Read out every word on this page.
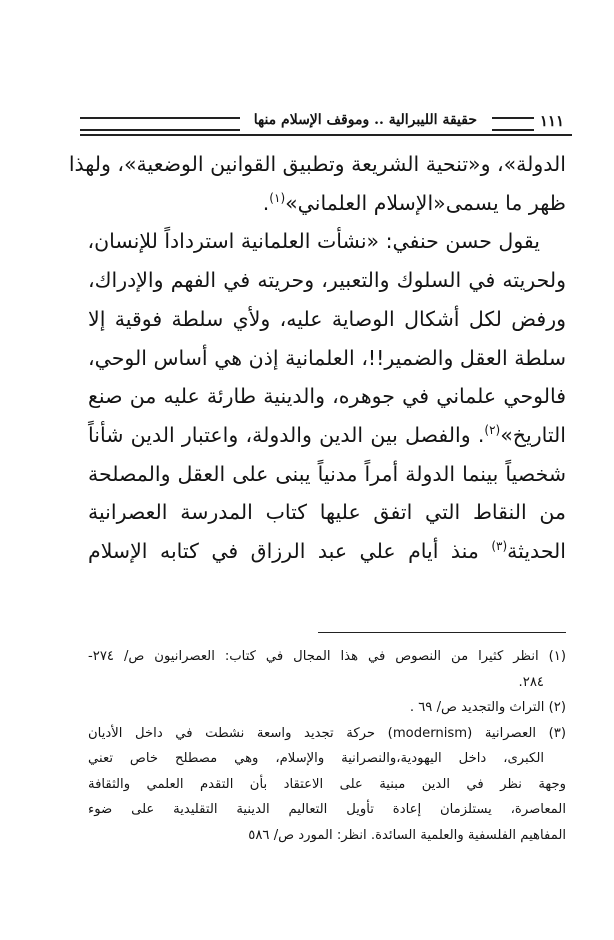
١١١
حقيقة الليبرالية .. وموقف الإسلام منها
الدولة»، و«تنحية الشريعة وتطبيق القوانين الوضعية»، ولهذا
ظهر ما يسمى«الإسلام العلماني»$^{(١)}$.
يقول حسن حنفي: «نشأت العلمانية استرداداً للإنسان،
ولحريته في السلوك والتعبير، وحريته في الفهم والإدراك،
ورفض لكل أشكال الوصاية عليه، ولأي سلطة فوقية إلا
سلطة العقل والضمير!!، العلمانية إذن هي أساس الوحي،
فالوحي علماني في جوهره، والدينية طارئة عليه من صنع
التاريخ»$^{(٢)}$. والفصل بين الدين والدولة، واعتبار الدين شأناً
شخصياً بينما الدولة أمراً مدنياً يبنى على العقل والمصلحة
من النقاط التي اتفق عليها كتاب المدرسة العصرانية
الحديثة$^{(٣)}$ منذ أيام علي عبد الرزاق في كتابه الإسلام
(١) انظر كثيرا من النصوص في هذا المجال في كتاب: العصرانيون ص/ ٢٧٤-
٢٨٤.
(٢) التراث والتجديد ص/ ٦٩ .
(٣) العصرانية (modernism) حركة تجديد واسعة نشطت في داخل الأديان
الكبرى، داخل اليهودية،والنصرانية والإسلام، وهي مصطلح خاص تعني
وجهة نظر في الدين مبنية على الاعتقاد بأن التقدم العلمي والثقافة
المعاصرة، يستلزمان إعادة تأويل التعاليم الدينية التقليدية على ضوء
المفاهيم الفلسفية والعلمية السائدة. انظر: المورد ص/ ٥٨٦
